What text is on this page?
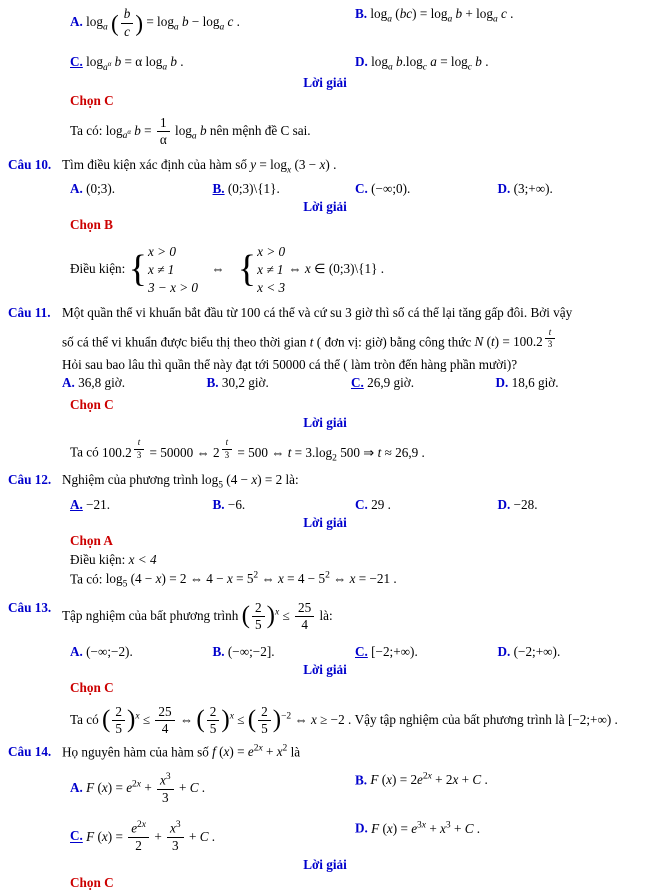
A. $\log_a$ ( $\frac{b}{c}$ ) = $\log_a b - \log_a c$ .
B. $\log_a (bc) = \log_a b + \log_a c$ .
C. $\log_{a^\alpha} b = \alpha$ $\log_a b$ .	D. $\log_a b.\log_c$ $a = \log_c b$ .
Lời giải
Chọn C
Ta có: $\log_{a^\alpha} b = \frac{1}{\alpha} \log_a b$ nên mệnh đề C sai.
Câu 10. Tìm điều kiện xác định của hàm số $y = \log_x (3 - x)$ .
A. (0;3).	B. (0;3)\{1}.	C. (−∞;0).	D. (3;+∞).
Lời giải
Chọn B
Điều kiện: { x > 0
x ≠ 1
3 − x > 0
⇔ { x > 0
x ≠ 1
x < 3
⇔ x ∈ (0;3)\{1} .
Câu 11. Một quần thể vi khuẩn bắt đầu từ 100 cá thể và cứ su 3 giờ thì số cá thể lại tăng gấp đôi. Bởi vậy
số cá thể vi khuẩn được biểu thị theo thời gian t ( đơn vị: giờ) bằng công thức N (t) = 100.2 $^{\frac{t}{3}}$
Hỏi sau bao lâu thì quần thể này đạt tới 50000 cá thể ( làm tròn đến hàng phần mười)?
A. 36,8 giờ.	B. 30,2 giờ.	C. 26,9 giờ.	D. 18,6 giờ.
Chọn C
Lời giải
Ta có 100.2 $^{\frac{t}{3}}$ = 50000 ⇔ 2 $^{\frac{t}{3}}$ = 500 ⇔ $t = 3.\log_2$ 500 ⇒ t ≈ 26,9 .
Câu 12. Nghiệm của phương trình $\log_5 (4 - x) = 2$ là:
A. −21.	B. −6.	C. 29 .	D. −28.
Lời giải
Chọn A
Điều kiện: x < 4
Ta có: $\log_5 (4 - x) = 2$ ⇔ $4 - x = 5^2$ ⇔ $x = 4 - 5^2$ ⇔ x = −21 .
Câu 13.
Tập nghiệm của bất phương trình ( $\frac{2}{5}$ ) $^x \le \frac{25}{4}$ là:
A. (−∞;−2).	B. (−∞;−2].	C. [−2;+∞).	D. (−2;+∞).
Lời giải
Chọn C
Ta có ( $\frac{2}{5}$ ) $^x \le \frac{25}{4}$ ⇔ ( $\frac{2}{5}$ ) $^x$ ≤ ( $\frac{2}{5}$ ) $^{-2}$ ⇔ x ≥ −2 . Vậy tập nghiệm của bất phương trình là [−2;+∞) .
Câu 14. Họ nguyên hàm của hàm số f $(x) = e^{2x} + x^2$ là
A. F $(x) = e^{2x} + \frac{x^3}{3} + C$ .
B. F $(x) = 2e^{2x} + 2x + C$ .
C. F $(x) = \frac{e^{2x}}{2} + \frac{x^3}{3} + C$ .
D. F $(x) = e^{3x} + x^3 + C$ .
Lời giải
Chọn C
